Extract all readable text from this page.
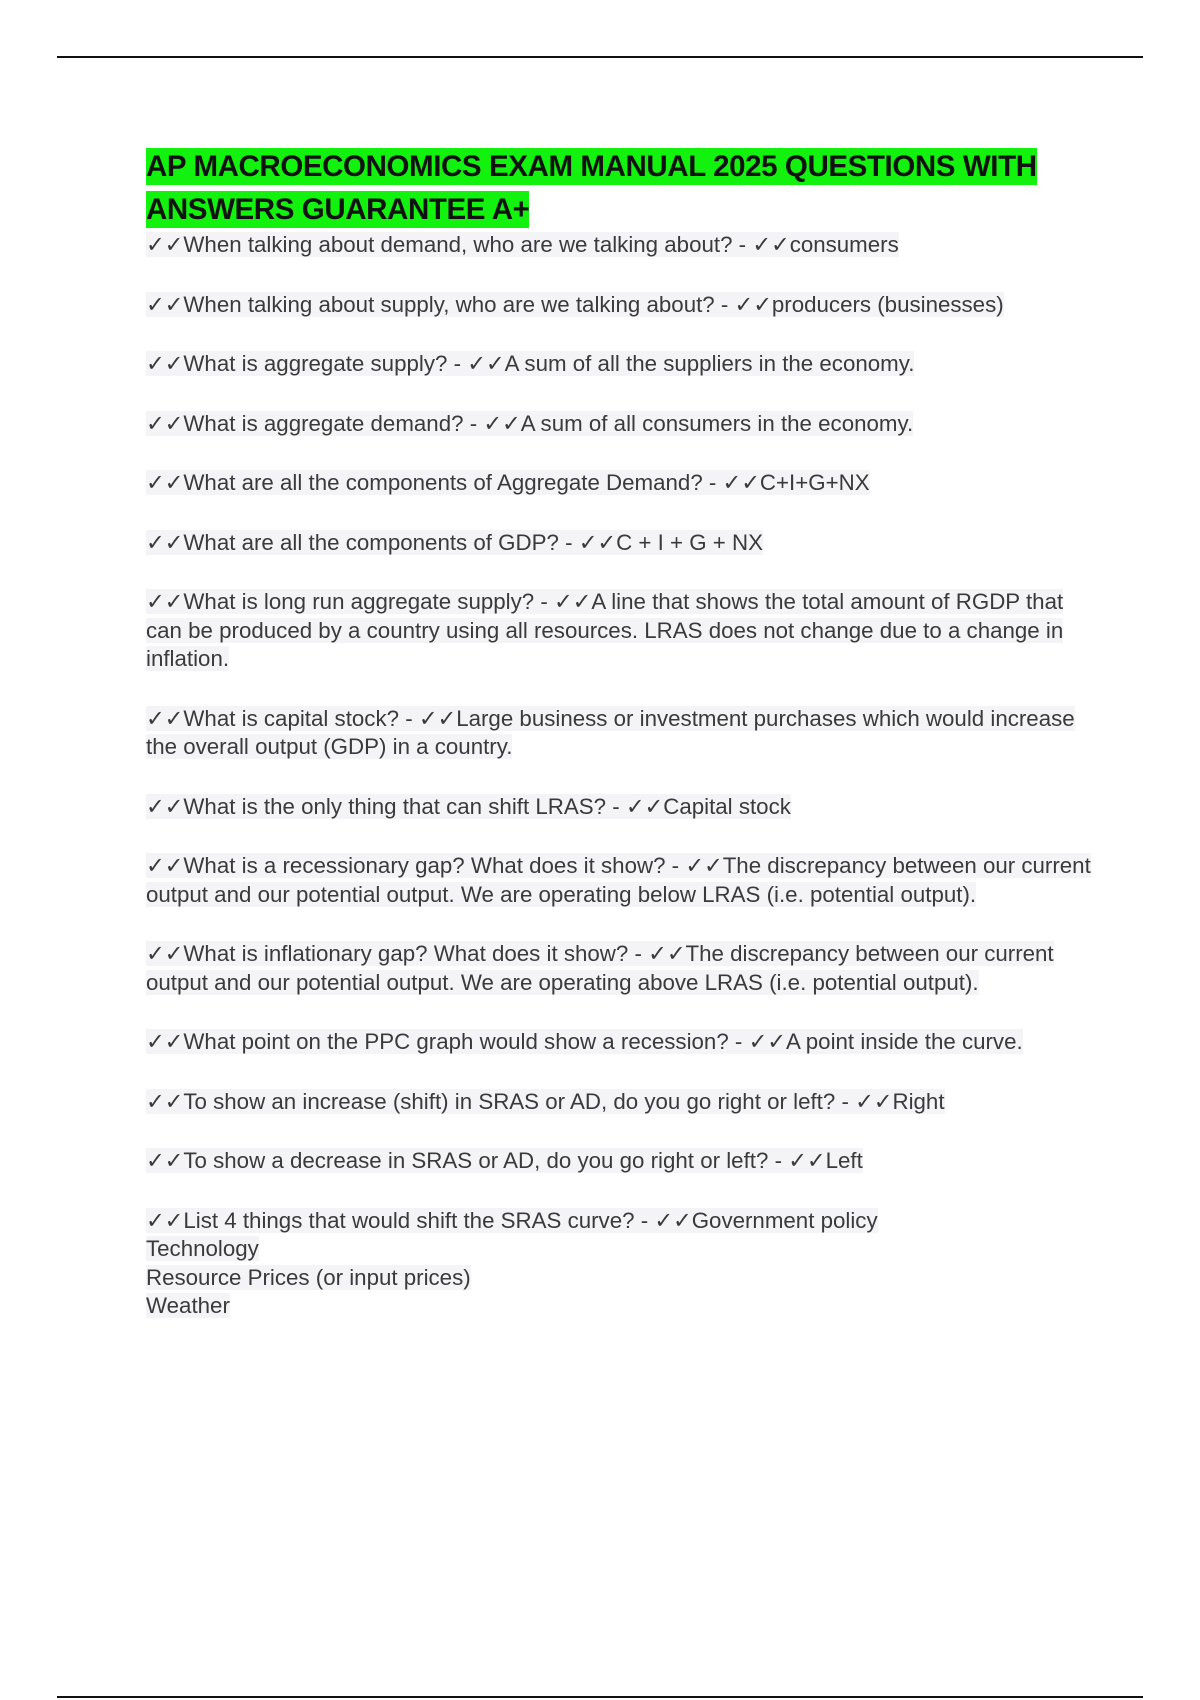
AP MACROECONOMICS EXAM MANUAL 2025 QUESTIONS WITH ANSWERS GUARANTEE A+

✓✓When talking about demand, who are we talking about? - ✓✓consumers

✓✓When talking about supply, who are we talking about? - ✓✓producers (businesses)

✓✓What is aggregate supply? - ✓✓A sum of all the suppliers in the economy.

✓✓What is aggregate demand? - ✓✓A sum of all consumers in the economy.

✓✓What are all the components of Aggregate Demand? - ✓✓C+I+G+NX

✓✓What are all the components of GDP? - ✓✓C + I + G + NX

✓✓What is long run aggregate supply? - ✓✓A line that shows the total amount of RGDP that can be produced by a country using all resources. LRAS does not change due to a change in inflation.

✓✓What is capital stock? - ✓✓Large business or investment purchases which would increase the overall output (GDP) in a country.

✓✓What is the only thing that can shift LRAS? - ✓✓Capital stock

✓✓What is a recessionary gap? What does it show? - ✓✓The discrepancy between our current output and our potential output. We are operating below LRAS (i.e. potential output).

✓✓What is inflationary gap? What does it show? - ✓✓The discrepancy between our current output and our potential output. We are operating above LRAS (i.e. potential output).

✓✓What point on the PPC graph would show a recession? - ✓✓A point inside the curve.

✓✓To show an increase (shift) in SRAS or AD, do you go right or left? - ✓✓Right

✓✓To show a decrease in SRAS or AD, do you go right or left? - ✓✓Left

✓✓List 4 things that would shift the SRAS curve? - ✓✓Government policy
Technology
Resource Prices (or input prices)
Weather
